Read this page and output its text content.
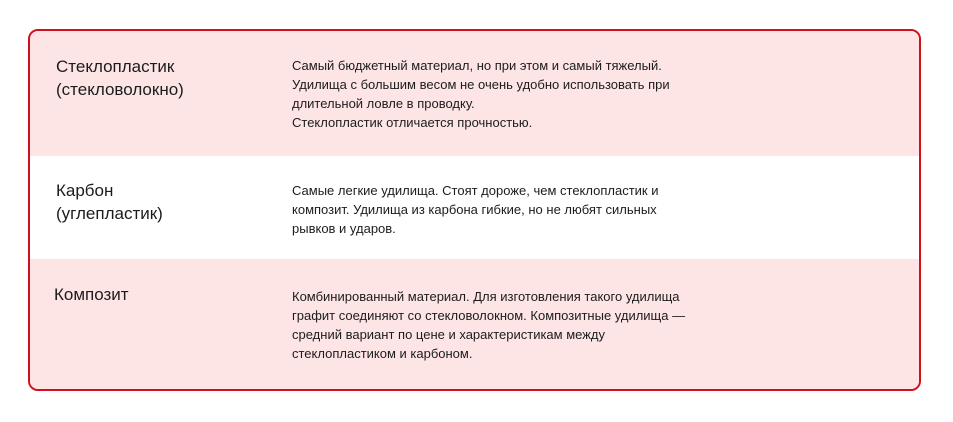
Стеклопластик
(стекловолокно)
Самый бюджетный материал, но при этом и самый тяжелый.
Удилища с большим весом не очень удобно использовать при
длительной ловле в проводку.
Стеклопластик отличается прочностью.
Карбон
(углепластик)
Самые легкие удилища. Стоят дороже, чем стеклопластик и
композит. Удилища из карбона гибкие, но не любят сильных
рывков и ударов.
Композит	Комбинированный материал. Для изготовления такого удилища
графит соединяют со стекловолокном. Композитные удилища —
средний вариант по цене и характеристикам между
стеклопластиком и карбоном.
